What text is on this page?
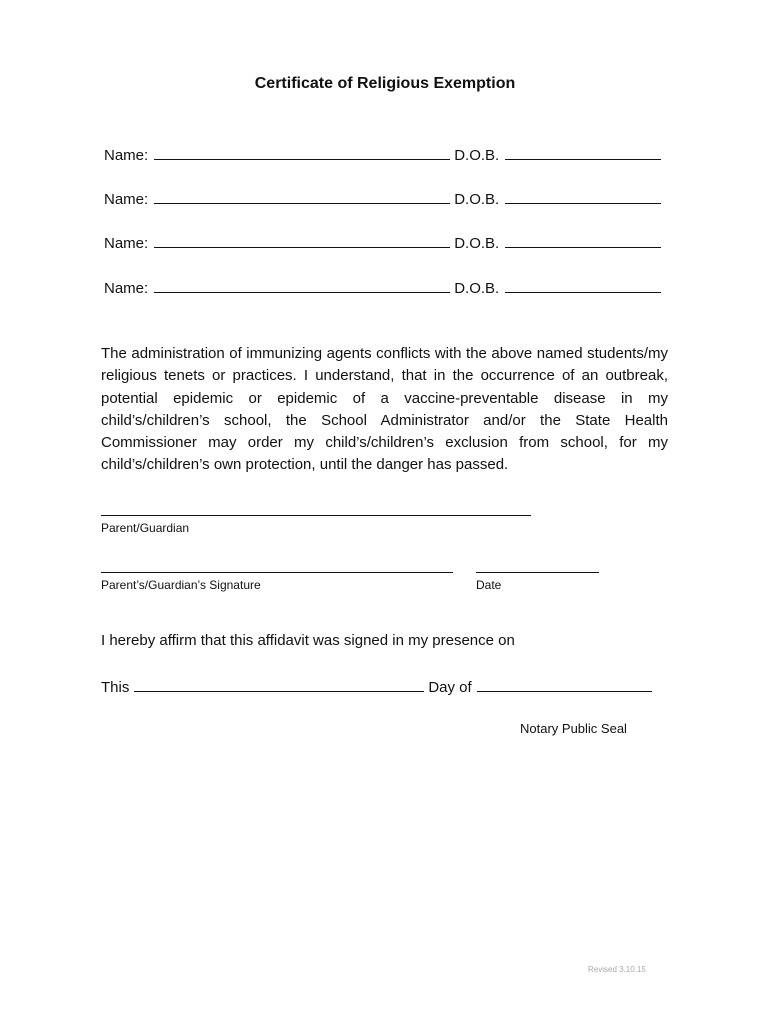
Certificate of Religious Exemption
Name:	D.O.B.
Name:	D.O.B.
Name:	D.O.B.
Name:	D.O.B.
The administration of immunizing agents conflicts with the above named students/my religious tenets or practices. I understand, that in the occurrence of an outbreak, potential epidemic or epidemic of a vaccine-preventable disease in my child’s/children’s school, the School Administrator and/or the State Health Commissioner may order my child’s/children’s exclusion from school, for my child’s/children’s own protection, until the danger has passed.
Parent/Guardian
Parent’s/Guardian’s Signature	Date
I hereby affirm that this affidavit was signed in my presence on
This	Day of
Notary Public Seal
Revised 3.10.15
